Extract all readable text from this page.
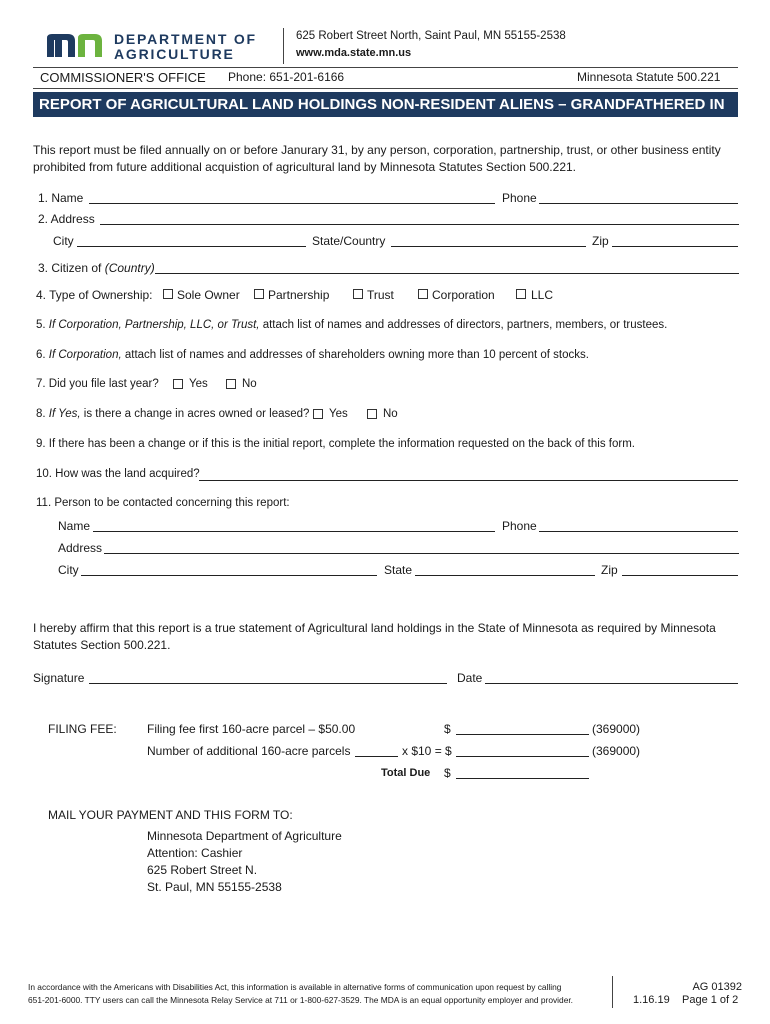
DEPARTMENT OF
AGRICULTURE
625 Robert Street North, Saint Paul, MN 55155-2538
www.mda.state.mn.us
COMMISSIONER'S OFFICE Phone: 651-201-6166	Minnesota Statute 500.221
REPORT OF AGRICULTURAL LAND HOLDINGS NON-RESIDENT ALIENS – GRANDFATHERED IN
This report must be filed annually on or before Janurary 31, by any person, corporation, partnership, trust, or other business entity prohibited from future additional acquistion of agricultural land by Minnesota Statutes Section 500.221.
1. Name	Phone
2. Address
City	State/Country	Zip
3. Citizen of (Country)
4. Type of Ownership: Sole Owner Partnership	Trust	Corporation	LLC
5. If Corporation, Partnership, LLC, or Trust, attach list of names and addresses of directors, partners, members, or trustees.
6. If Corporation, attach list of names and addresses of shareholders owning more than 10 percent of stocks.
7. Did you file last year?	Yes	No
8. If Yes, is there a change in acres owned or leased? Yes	No
9. If there has been a change or if this is the initial report, complete the information requested on the back of this form.
10. How was the land acquired?
11. Person to be contacted concerning this report:
Name	Phone
Address
City	State	Zip
I hereby affirm that this report is a true statement of Agricultural land holdings in the State of Minnesota as required by Minnesota Statutes Section 500.221.
Signature	Date
FILING FEE:	Filing fee first 160-acre parcel – $50.00	$	(369000)
Number of additional 160-acre parcels	x $10 = $	(369000)
Total Due $
MAIL YOUR PAYMENT AND THIS FORM TO:
Minnesota Department of Agriculture
Attention: Cashier
625 Robert Street N.
St. Paul, MN 55155-2538
In accordance with the Americans with Disabilities Act, this information is available in alternative forms of communication upon request by calling
651-201-6000. TTY users can call the Minnesota Relay Service at 711 or 1-800-627-3529. The MDA is an equal opportunity employer and provider.	1.16.19
AG 01392
Page 1 of 2
